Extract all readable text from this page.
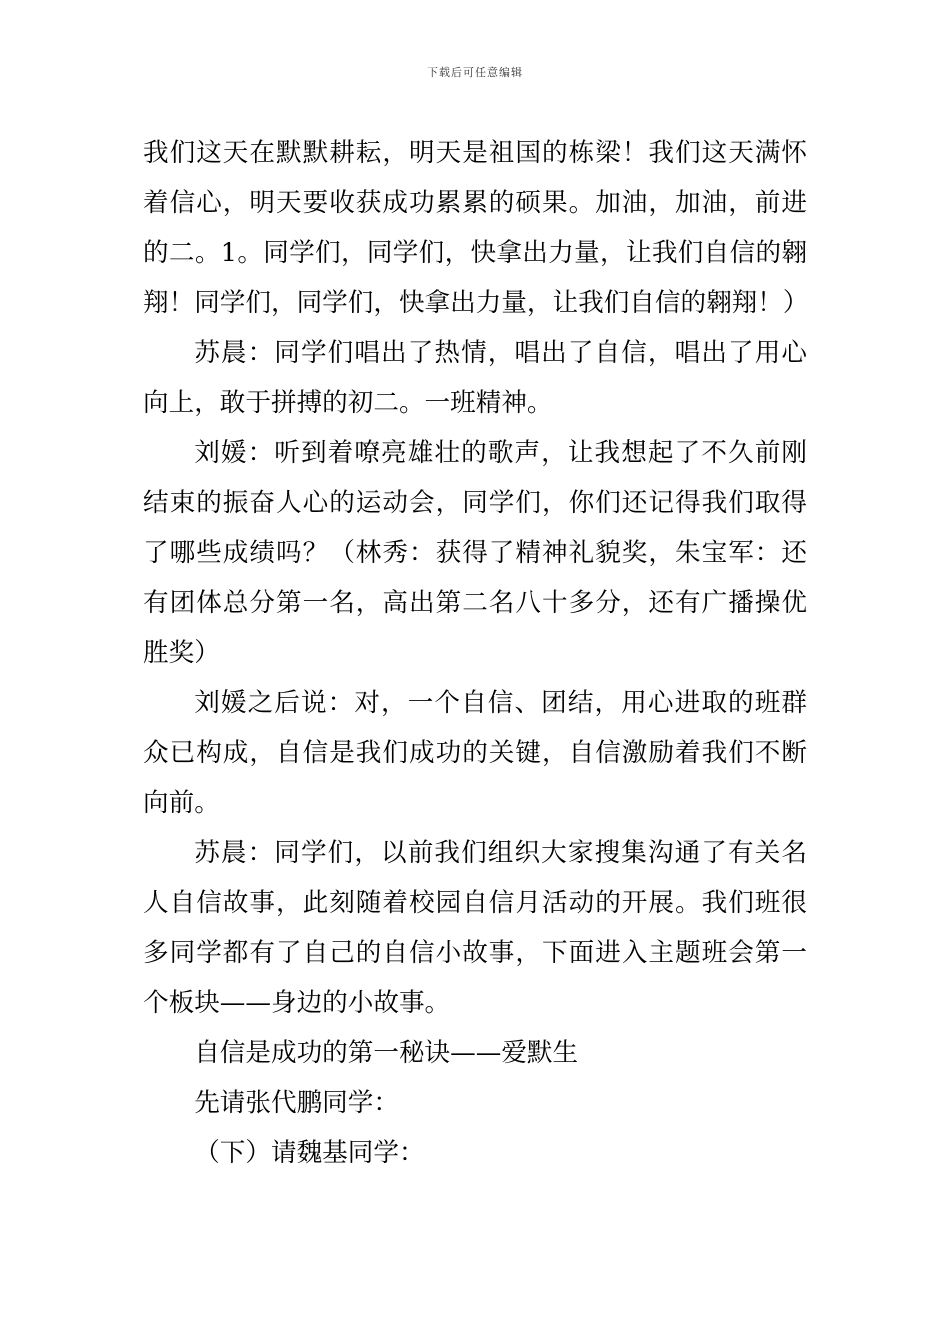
下载后可任意编辑

我们这天在默默耕耘，明天是祖国的栋梁！我们这天满怀着信心，明天要收获成功累累的硕果。加油，加油，前进的二。1。同学们，同学们，快拿出力量，让我们自信的翱翔！同学们，同学们，快拿出力量，让我们自信的翱翔！）

苏晨：同学们唱出了热情，唱出了自信，唱出了用心向上，敢于拼搏的初二。一班精神。

刘媛：听到着嘹亮雄壮的歌声，让我想起了不久前刚结束的振奋人心的运动会，同学们，你们还记得我们取得了哪些成绩吗？（林秀：获得了精神礼貌奖，朱宝军：还有团体总分第一名，高出第二名八十多分，还有广播操优胜奖）

刘媛之后说：对，一个自信、团结，用心进取的班群众已构成，自信是我们成功的关键，自信激励着我们不断向前。

苏晨：同学们，以前我们组织大家搜集沟通了有关名人自信故事，此刻随着校园自信月活动的开展。我们班很多同学都有了自己的自信小故事，下面进入主题班会第一个板块——身边的小故事。

自信是成功的第一秘诀——爱默生

先请张代鹏同学：

（下）请魏基同学：
